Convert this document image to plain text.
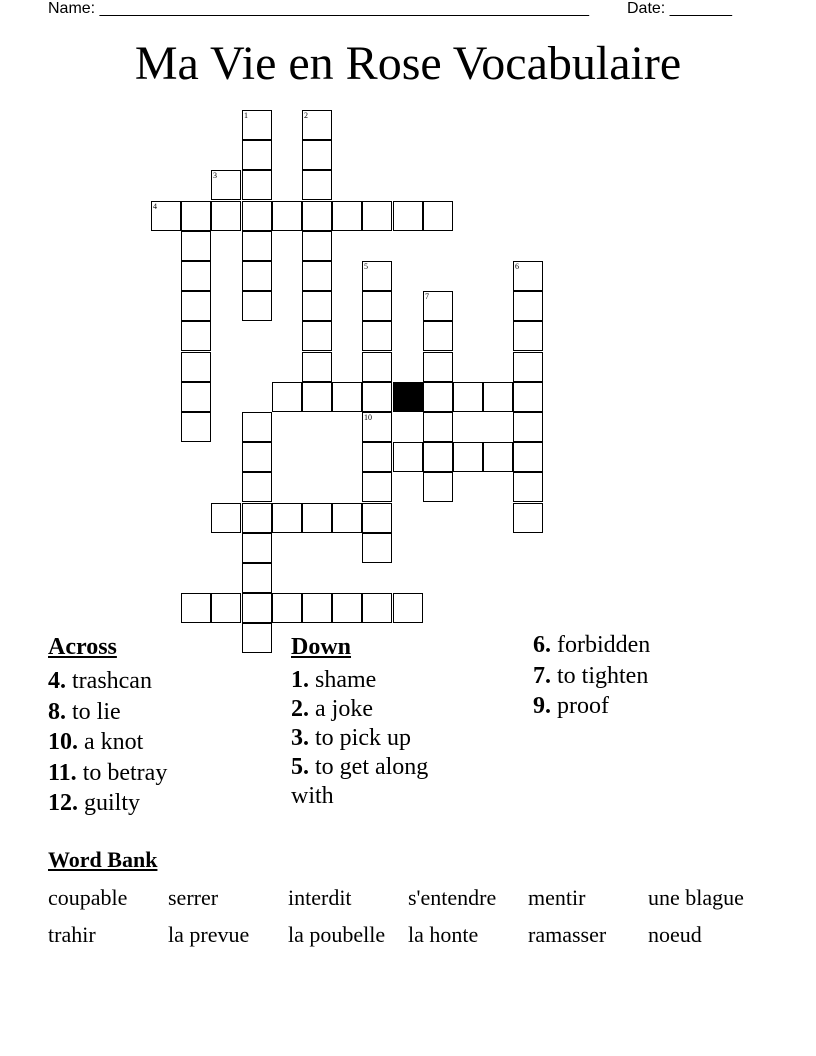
Name: _______________________________________________________ Date: _______
Ma Vie en Rose Vocabulaire
1	2
3
4
5	6
7
10
Across
4. trashcan
8. to lie
10. a knot
11. to betray
12. guilty
Down
1. shame
2. a joke
3. to pick up
5. to get along with
6. forbidden
7. to tighten
9. proof
Word Bank
coupable serrer	interdit	s'entendre mentir	une blague
trahir	la prevue la poubelle la honte ramasser noeud
